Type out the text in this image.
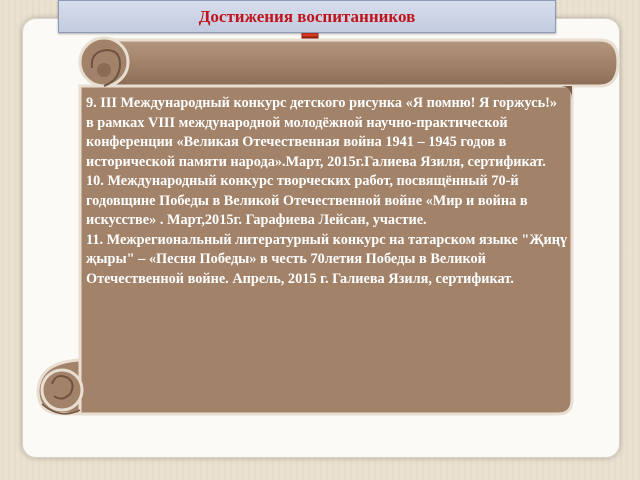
Достижения воспитанников

9. III Международный конкурс детского рисунка «Я помню! Я горжусь!» в рамках VIII международной молодёжной научно-практической конференции «Великая Отечественная война 1941 – 1945 годов в исторической памяти народа».Март, 2015г.Галиева Язиля, сертификат.

10. Международный конкурс творческих работ, посвящённый 70-й годовщине Победы в Великой Отечественной войне «Мир и война в искусстве» . Март,2015г. Гарафиева Лейсан, участие.

11. Межрегиональный литературный конкурс на татарском языке "Җиңү җыры" – «Песня Победы» в честь 70летия Победы в Великой Отечественной войне. Апрель, 2015 г. Галиева Язиля, сертификат.
